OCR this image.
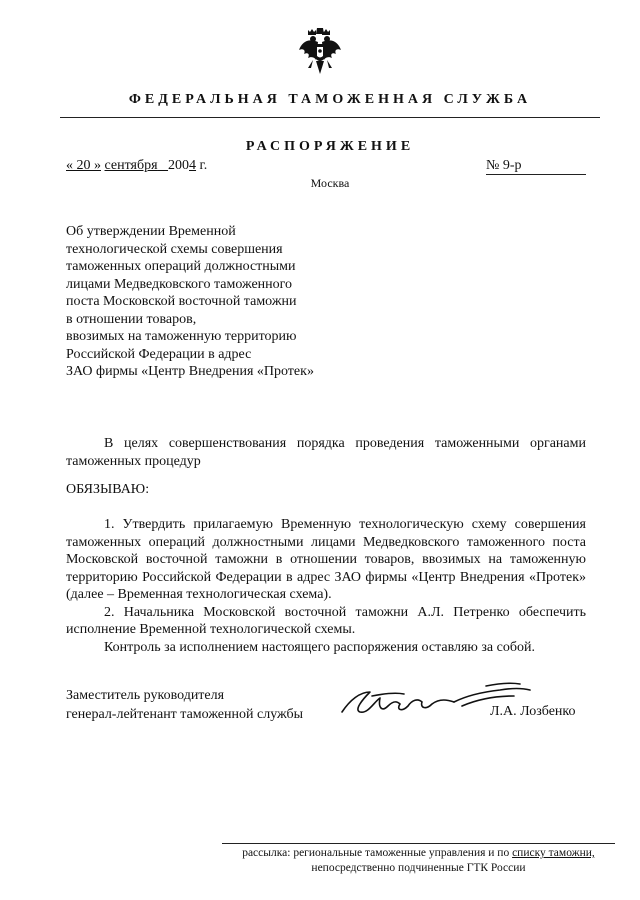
ФЕДЕРАЛЬНАЯ ТАМОЖЕННАЯ СЛУЖБА
РАСПОРЯЖЕНИЕ
« 20 » сентября 2004 г.	№ 9-р
Москва
Об утверждении Временной
технологической схемы совершения
таможенных операций должностными
лицами Медведковского таможенного
поста Московской восточной таможни
в отношении товаров,
ввозимых на таможенную территорию
Российской Федерации в адрес
ЗАО фирмы «Центр Внедрения «Протек»
В целях совершенствования порядка проведения таможенными органами таможенных процедур
ОБЯЗЫВАЮ:

1. Утвердить прилагаемую Временную технологическую схему совершения таможенных операций должностными лицами Медведковского таможенного поста Московской восточной таможни в отношении товаров, ввозимых на таможенную территорию Российской Федерации в адрес ЗАО фирмы «Центр Внедрения «Протек» (далее – Временная технологическая схема).

2. Начальника Московской восточной таможни А.Л. Петренко обеспечить исполнение Временной технологической схемы.

Контроль за исполнением настоящего распоряжения оставляю за собой.

Заместитель руководителя
генерал-лейтенант таможенной службы	Л.А. Лозбенко
рассылка: региональные таможенные управления и по списку таможни,
непосредственно подчиненные ГТК России
